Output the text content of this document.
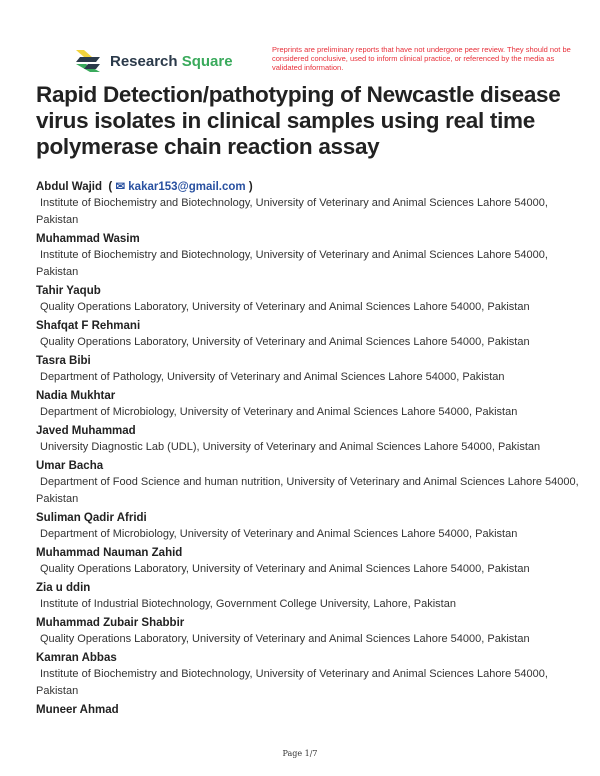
Research Square
Preprints are preliminary reports that have not undergone peer review. They should not be considered conclusive, used to inform clinical practice, or referenced by the media as validated information.
Rapid Detection/pathotyping of Newcastle disease virus isolates in clinical samples using real time polymerase chain reaction assay
Abdul Wajid  ( ✉ kakar153@gmail.com )
Institute of Biochemistry and Biotechnology, University of Veterinary and Animal Sciences Lahore 54000, Pakistan
Muhammad Wasim
Institute of Biochemistry and Biotechnology, University of Veterinary and Animal Sciences Lahore 54000, Pakistan
Tahir Yaqub
Quality Operations Laboratory, University of Veterinary and Animal Sciences Lahore 54000, Pakistan
Shafqat F Rehmani
Quality Operations Laboratory, University of Veterinary and Animal Sciences Lahore 54000, Pakistan
Tasra Bibi
Department of Pathology, University of Veterinary and Animal Sciences Lahore 54000, Pakistan
Nadia Mukhtar
Department of Microbiology, University of Veterinary and Animal Sciences Lahore 54000, Pakistan
Javed Muhammad
University Diagnostic Lab (UDL), University of Veterinary and Animal Sciences Lahore 54000, Pakistan
Umar Bacha
Department of Food Science and human nutrition, University of Veterinary and Animal Sciences Lahore 54000, Pakistan
Suliman Qadir Afridi
Department of Microbiology, University of Veterinary and Animal Sciences Lahore 54000, Pakistan
Muhammad Nauman Zahid
Quality Operations Laboratory, University of Veterinary and Animal Sciences Lahore 54000, Pakistan
Zia u ddin
Institute of Industrial Biotechnology, Government College University, Lahore, Pakistan
Muhammad Zubair Shabbir
Quality Operations Laboratory, University of Veterinary and Animal Sciences Lahore 54000, Pakistan
Kamran Abbas
Institute of Biochemistry and Biotechnology, University of Veterinary and Animal Sciences Lahore 54000, Pakistan
Muneer Ahmad
Page 1/7
